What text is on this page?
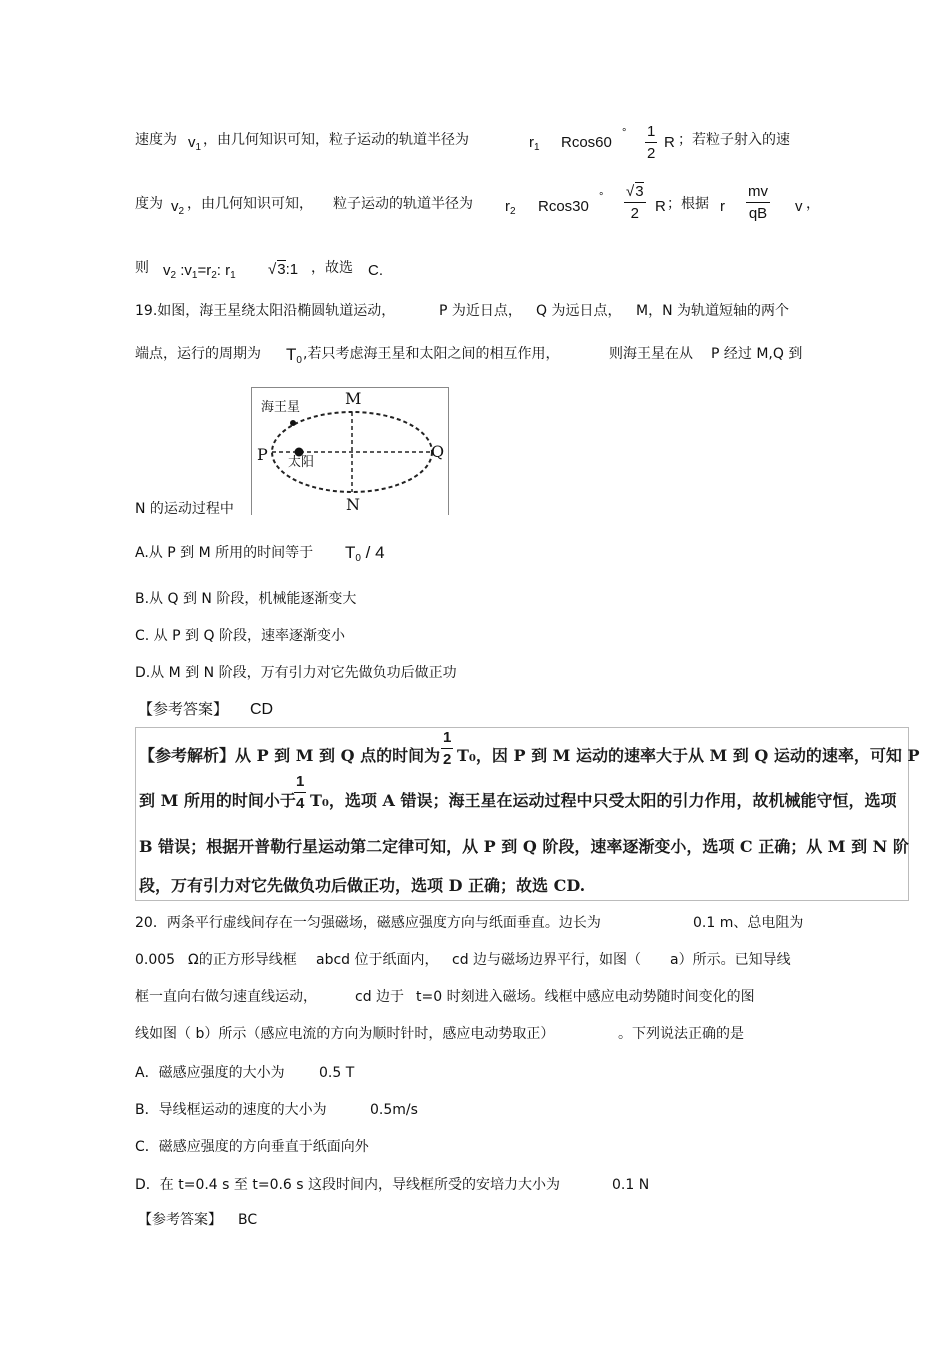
速度为 $v_1$ ，由几何知识可知，粒子运动的轨道半径为	$r_1$ Rcos60
° $\frac{1}{2}$ R ；若粒子射入的速
度为 $v_2$ ，由几何知识可知， 粒子运动的轨道半径为 $r_2$ Rcos30
° $\frac{√3}{2}$ R ；根据 r $\frac{mv}{qB}$ v ，
则 $v_2$ $:v_1=r_2$: $r_1$ √3:1 ，故选 C.
19.如图，海王星绕太阳沿椭圆轨道运动，	P 为近日点， Q 为远日点， M，N 为轨道短轴的两个
端点，运行的周期为 $T_0$ ,若只考虑海王星和太阳之间的相互作用，	则海王星在从 P 经过 M,Q 到
M
N
P	Q
海王星
太阳
N 的运动过程中
A.从 P 到 M 所用的时间等于 $T_0 / 4$
B.从 Q 到 N 阶段，机械能逐渐变大
C. 从 P 到 Q 阶段，速率逐渐变小
D.从 M 到 N 阶段，万有引力对它先做负功后做正功
【参考答案】 CD
【参考解析】从 P 到 M 到 Q 点的时间为 $\frac{1}{2} T_0$，因 P 到 M 运动的速率大于从 M 到 Q 运动的速率，可知 P
到 M 所用的时间小于
$\frac{1}{4} T_0$，选项 A 错误；海王星在运动过程中只受太阳的引力作用，故机械能守恒，选项
B 错误；根据开普勒行星运动第二定律可知，从 P 到 Q 阶段，速率逐渐变小，选项 C 正确；从 M 到 N 阶
段，万有引力对它先做负功后做正功，选项 D 正确；故选 CD.
20．两条平行虚线间存在一匀强磁场，磁感应强度方向与纸面垂直。边长为	0.1 m、总电阻为
0.005 Ω的正方形导线框 abcd 位于纸面内， cd 边与磁场边界平行，如图（ a）所示。已知导线
框一直向右做匀速直线运动，	cd 边于 t=0 时刻进入磁场。线框中感应电动势随时间变化的图
线如图（ b）所示（感应电流的方向为顺时针时，感应电动势取正）	。下列说法正确的是
A．磁感应强度的大小为 0.5 T
B．导线框运动的速度的大小为	0.5m/s
C．磁感应强度的方向垂直于纸面向外
D．在 t=0.4 s 至 t=0.6 s 这段时间内，导线框所受的安培力大小为	0.1 N
【参考答案】 BC
